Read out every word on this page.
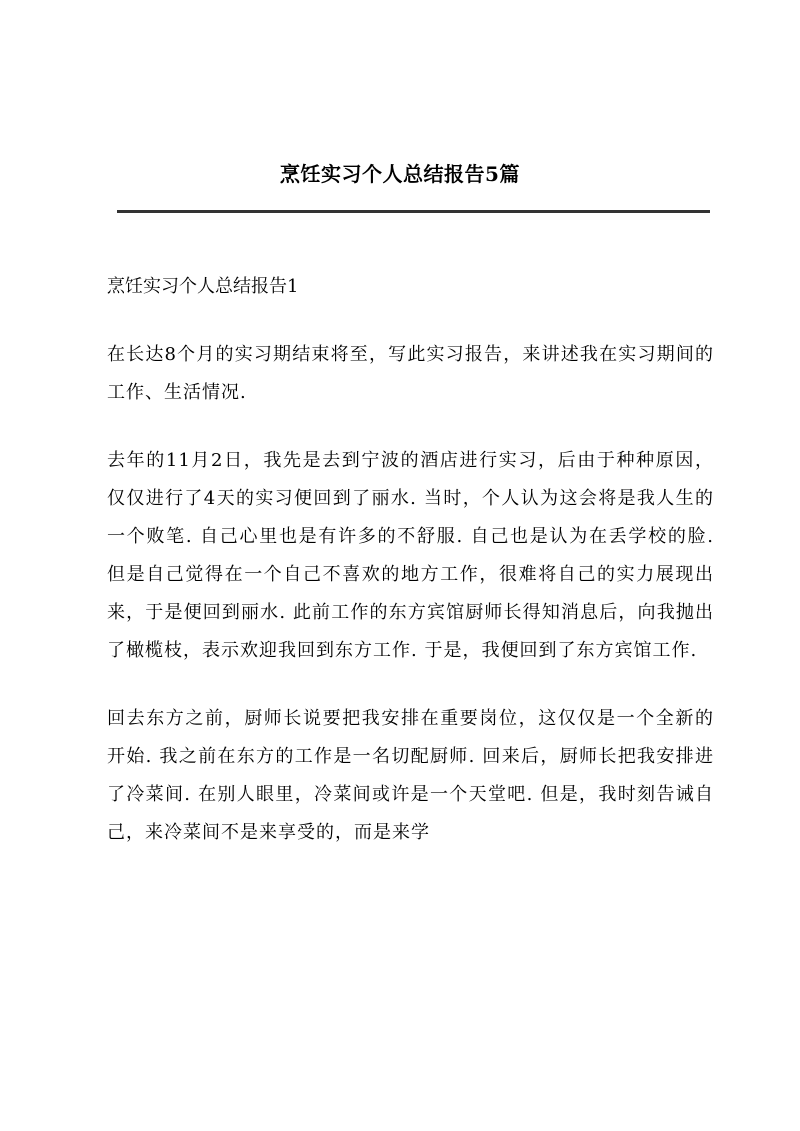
烹饪实习个人总结报告5篇

烹饪实习个人总结报告1

在长达8个月的实习期结束将至，写此实习报告，来讲述我在实习期间的工作、生活情况.

去年的11月2日，我先是去到宁波的酒店进行实习，后由于种种原因，仅仅进行了4天的实习便回到了丽水. 当时，个人认为这会将是我人生的一个败笔. 自己心里也是有许多的不舒服. 自己也是认为在丢学校的脸. 但是自己觉得在一个自己不喜欢的地方工作，很难将自己的实力展现出来，于是便回到丽水. 此前工作的东方宾馆厨师长得知消息后，向我抛出了橄榄枝，表示欢迎我回到东方工作. 于是，我便回到了东方宾馆工作.

回去东方之前，厨师长说要把我安排在重要岗位，这仅仅是一个全新的开始. 我之前在东方的工作是一名切配厨师. 回来后，厨师长把我安排进了冷菜间. 在别人眼里，冷菜间或许是一个天堂吧. 但是，我时刻告诫自己，来冷菜间不是来享受的，而是来学
